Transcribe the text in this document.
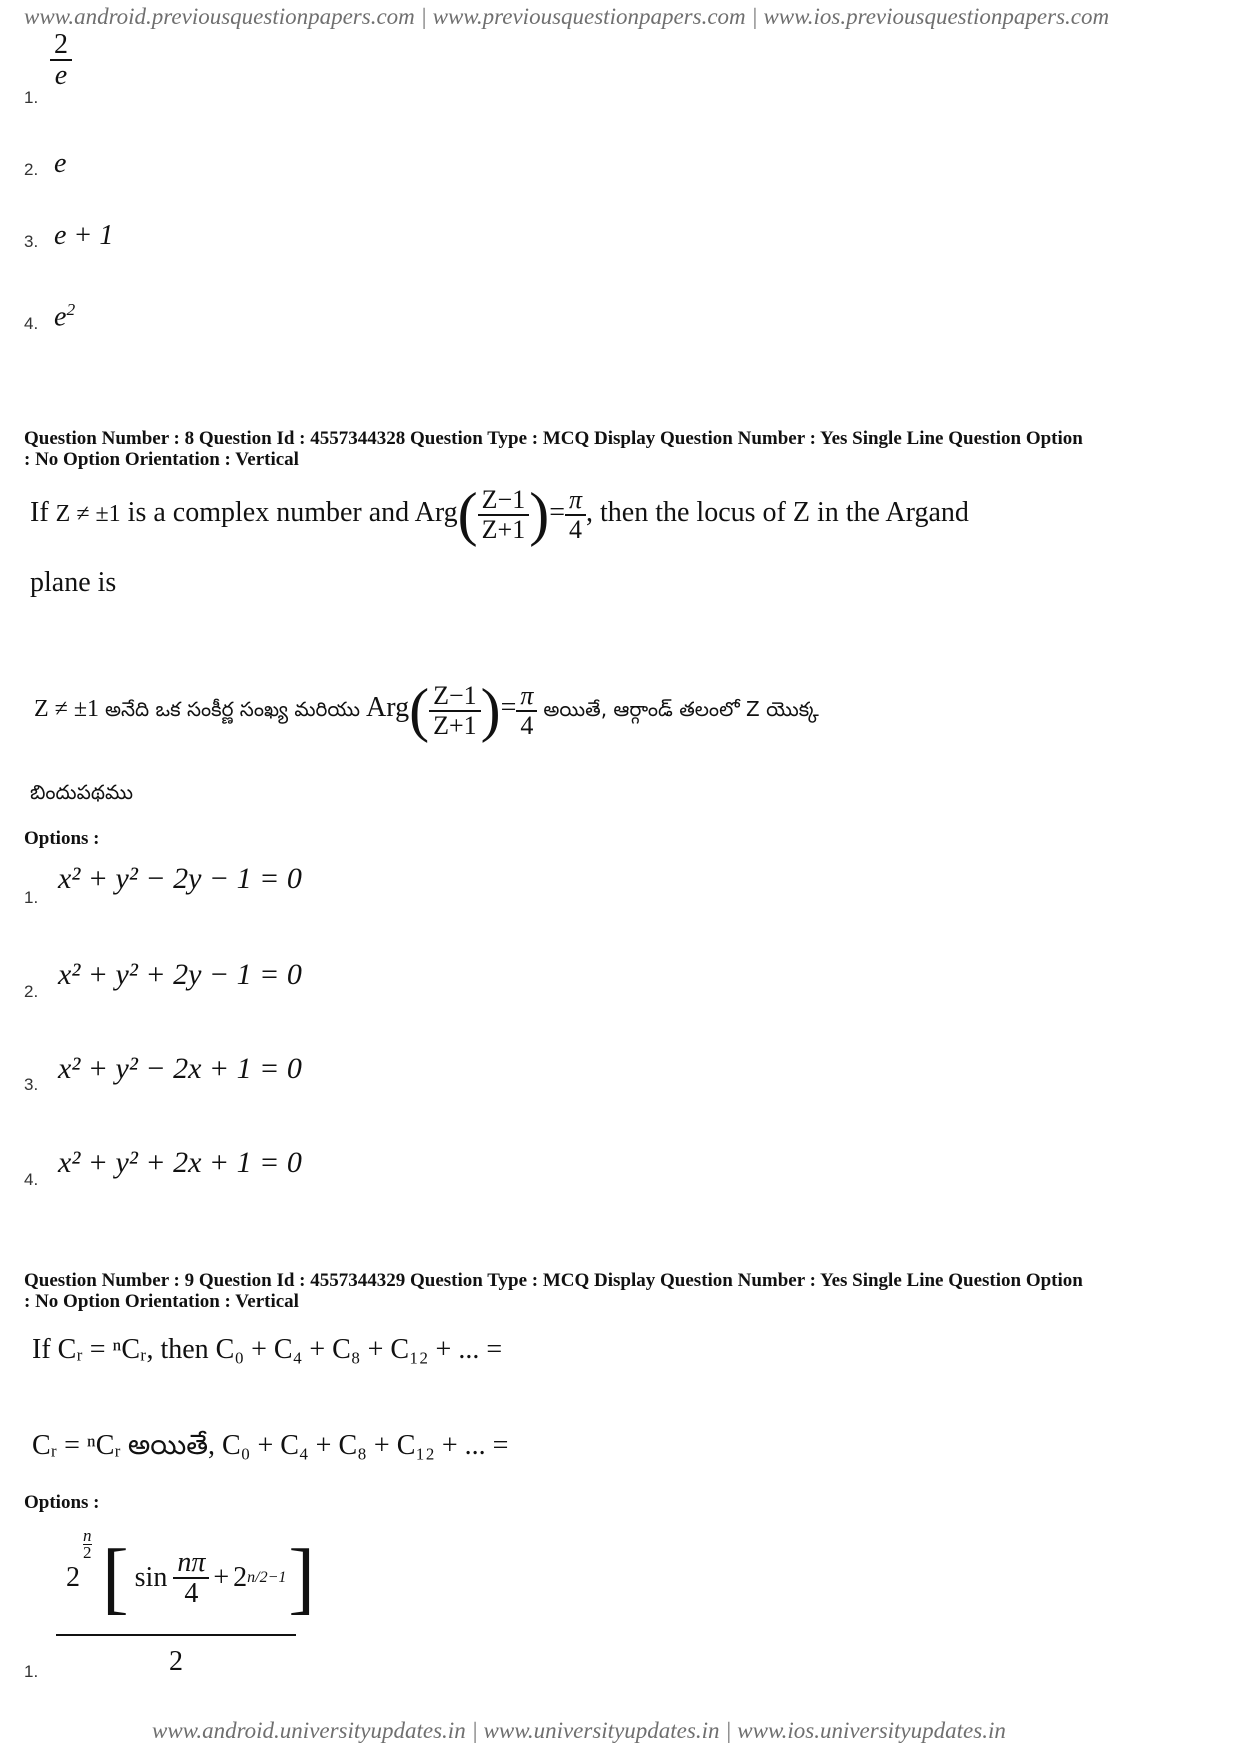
www.android.previousquestionpapers.com | www.previousquestionpapers.com | www.ios.previousquestionpapers.com
1.
$\frac{2}{e}$
2. e
3. e + 1
4. $e^2$
Question Number : 8 Question Id : 4557344328 Question Type : MCQ Display Question Number : Yes Single Line Question Option
: No Option Orientation : Vertical
If Z ≠ ±1 is a complex number and $Arg( \frac{Z-1}{Z+1}$ )= $\frac{\pi}{4}$ , then the locus of Z in the Argand
plane is
Z ≠ ±1 అనేది ఒక సంకీర్ణ సంఖ్య మరియు $Arg( \frac{Z-1}{Z+1}$ )= $\frac{\pi}{4}$ అయితే, ఆర్గాండ్ తలంలో Z యొక్క
బిందుపథము
Options :
1.
x² + y² − 2y − 1 = 0
2.
x² + y² + 2y − 1 = 0
3. x² + y² − 2x + 1 = 0
4.
x² + y² + 2x + 1 = 0
Question Number : 9 Question Id : 4557344329 Question Type : MCQ Display Question Number : Yes Single Line Question Option
: No Option Orientation : Vertical
If Cᵣ = ⁿCᵣ, then C₀ + C₄ + C₈ + C₁₂ + ... =
Cᵣ = ⁿCᵣ అయితే, C₀ + C₄ + C₈ + C₁₂ + ... =
Options :
1.
2
$\frac{n}{2}$ [ $\sin \frac{n\pi}{4} + 2$ n/2−1 ]
2
www.android.universityupdates.in | www.universityupdates.in | www.ios.universityupdates.in
